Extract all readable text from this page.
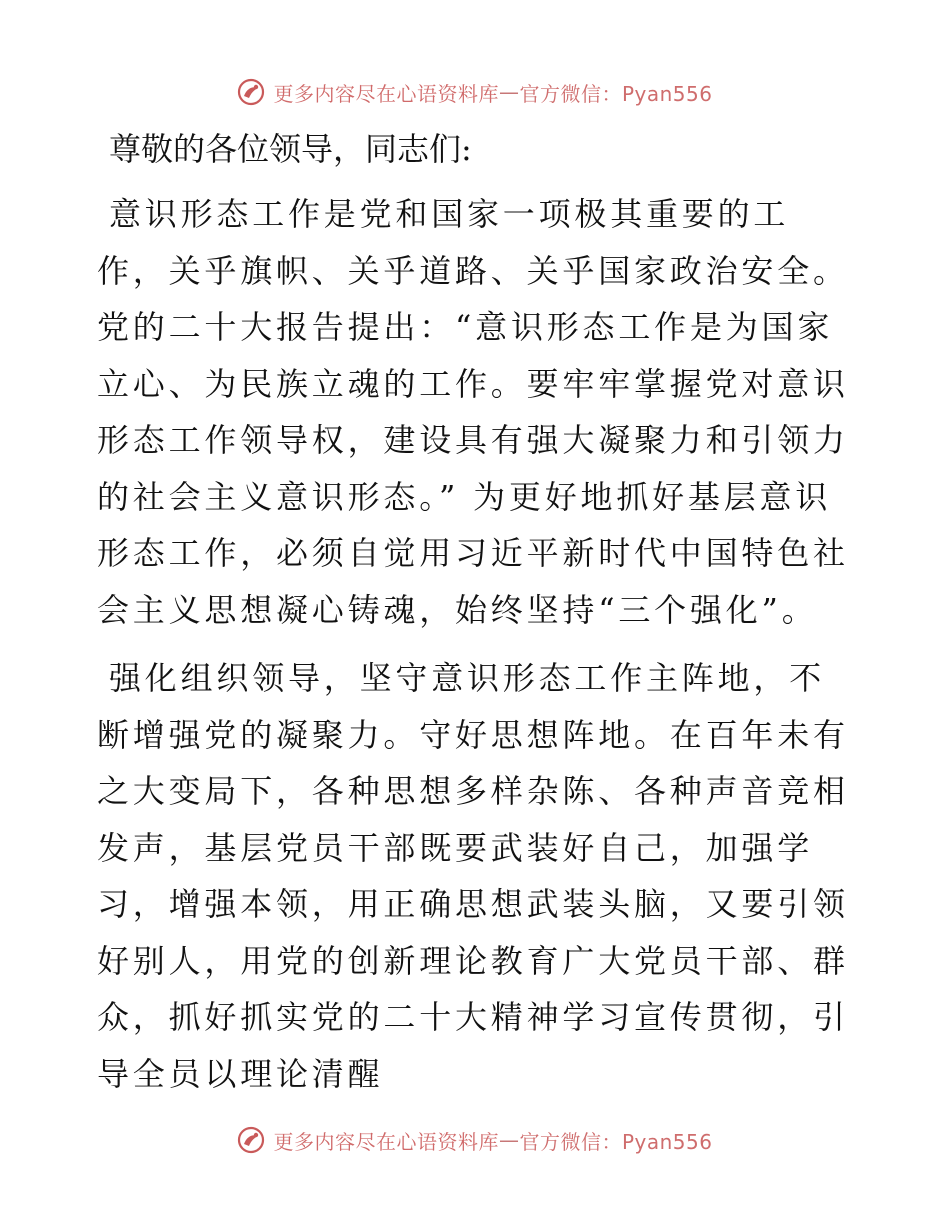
更多内容尽在心语资料库 — 官方微信：Pyan556
尊敬的各位领导，同志们:

意识形态工作是党和国家一项极其重要的工作，关乎旗帜、关乎道路、关乎国家政治安全。党的二十大报告提出：“意识形态工作是为国家立心、为民族立魂的工作。要牢牢掌握党对意识形态工作领导权，建设具有强大凝聚力和引领力的社会主义意识形态。” 为更好地抓好基层意识形态工作，必须自觉用习近平新时代中国特色社会主义思想凝心铸魂，始终坚持“三个强化”。

强化组织领导，坚守意识形态工作主阵地，不断增强党的凝聚力。守好思想阵地。在百年未有之大变局下，各种思想多样杂陈、各种声音竞相发声，基层党员干部既要武装好自己，加强学习，增强本领，用正确思想武装头脑，又要引领好别人，用党的创新理论教育广大党员干部、群众，抓好抓实党的二十大精神学习宣传贯彻，引导全员以理论清醒

更多内容尽在心语资料库 — 官方微信：Pyan556
